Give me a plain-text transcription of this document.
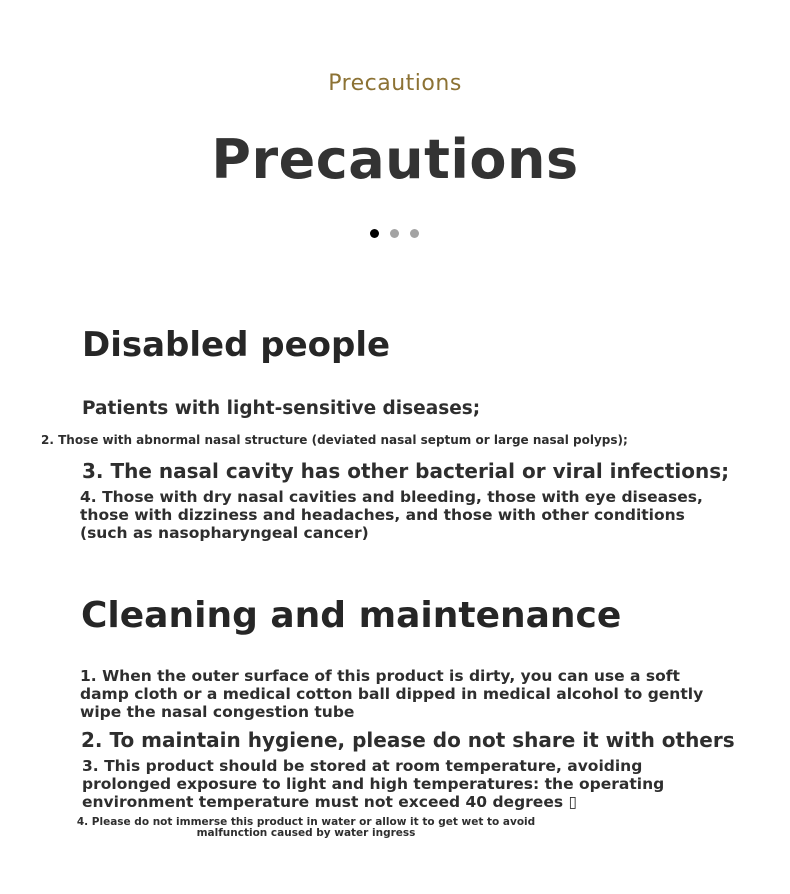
Precautions
Precautions
Disabled people

Patients with light-sensitive diseases;

2. Those with abnormal nasal structure (deviated nasal septum or large nasal polyps);

3. The nasal cavity has other bacterial or viral infections;

4. Those with dry nasal cavities and bleeding, those with eye diseases, those with dizziness and headaches, and those with other conditions (such as nasopharyngeal cancer)

Cleaning and maintenance

1. When the outer surface of this product is dirty, you can use a soft damp cloth or a medical cotton ball dipped in medical alcohol to gently wipe the nasal congestion tube

2. To maintain hygiene, please do not share it with others

3. This product should be stored at room temperature, avoiding prolonged exposure to light and high temperatures: the operating environment temperature must not exceed 40 degrees ▯

4. Please do not immerse this product in water or allow it to get wet to avoid malfunction caused by water ingress
